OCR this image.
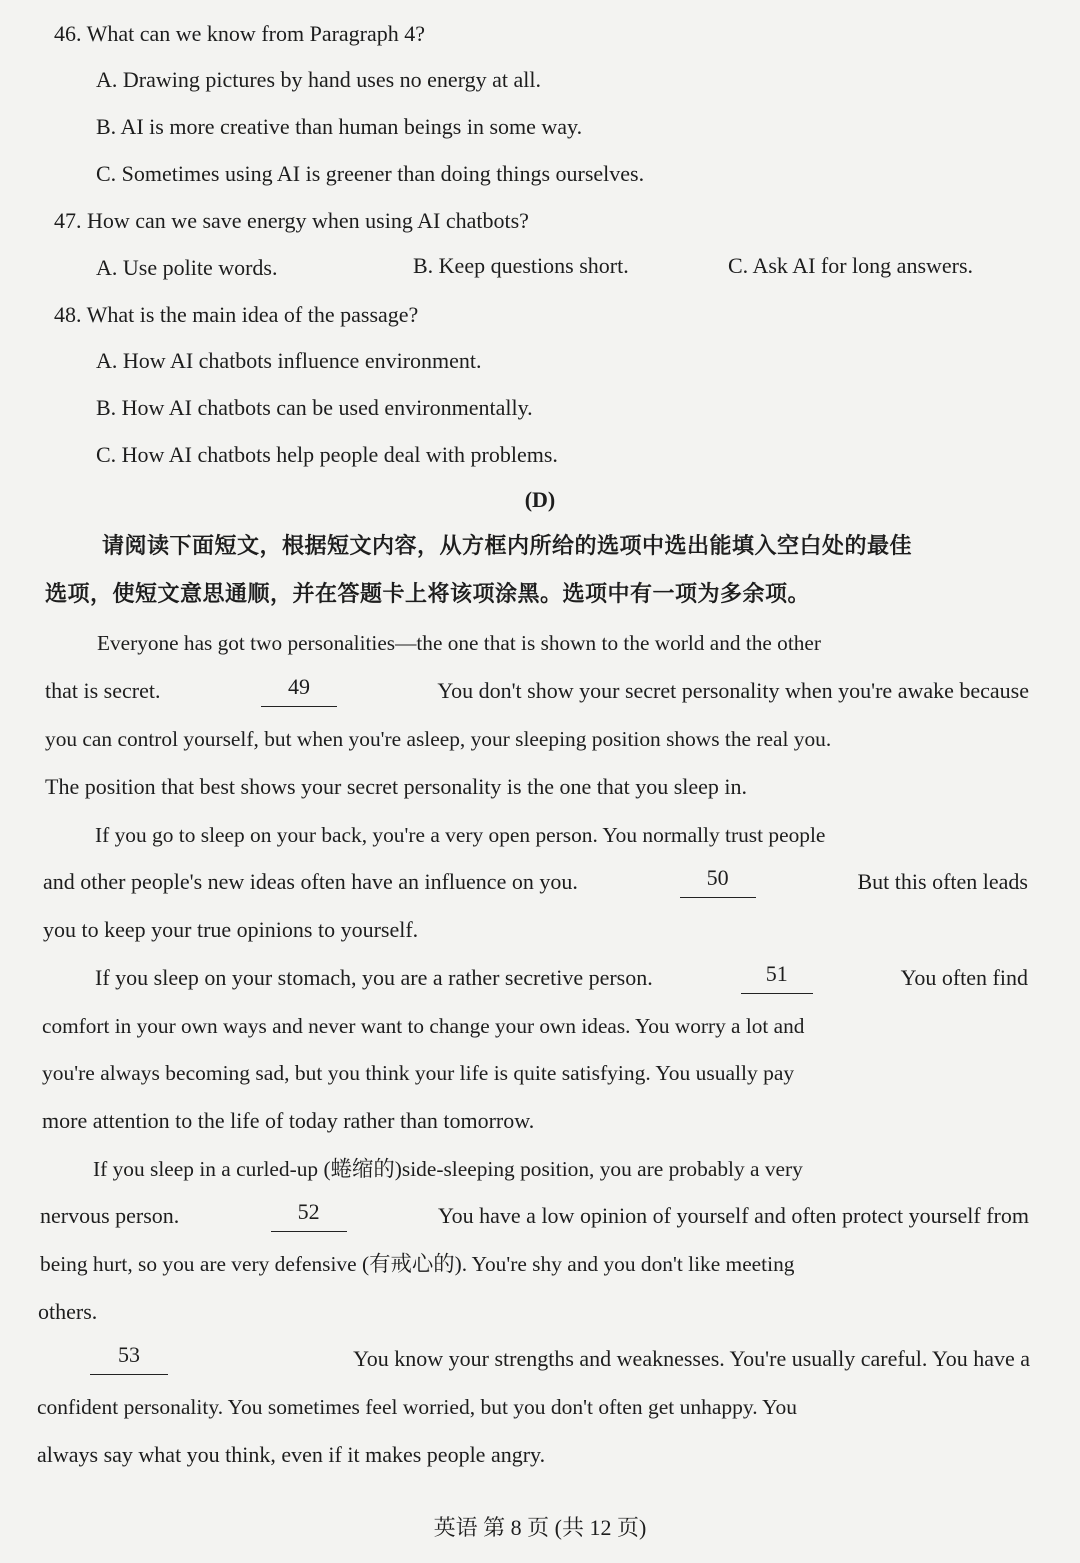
46. What can we know from Paragraph 4?
A. Drawing pictures by hand uses no energy at all.
B. AI is more creative than human beings in some way.
C. Sometimes using AI is greener than doing things ourselves.
47. How can we save energy when using AI chatbots?
A. Use polite words.	B. Keep questions short.	C. Ask AI for long answers.
48. What is the main idea of the passage?
A. How AI chatbots influence environment.
B. How AI chatbots can be used environmentally.
C. How AI chatbots help people deal with problems.
(D)
请阅读下面短文，根据短文内容，从方框内所给的选项中选出能填入空白处的最佳
选项，使短文意思通顺，并在答题卡上将该项涂黑。选项中有一项为多余项。
Everyone has got two personalities—the one that is shown to the world and the other
that is secret.	49	You don't show your secret personality when you're awake because
you can control yourself, but when you're asleep, your sleeping position shows the real you.
The position that best shows your secret personality is the one that you sleep in.
If you go to sleep on your back, you're a very open person. You normally trust people
and other people's new ideas often have an influence on you.	50	But this often leads
you to keep your true opinions to yourself.
If you sleep on your stomach, you are a rather secretive person.	51	You often find
comfort in your own ways and never want to change your own ideas. You worry a lot and
you're always becoming sad, but you think your life is quite satisfying. You usually pay
more attention to the life of today rather than tomorrow.
If you sleep in a curled-up (蜷缩的)side-sleeping position, you are probably a very
nervous person.	52	You have a low opinion of yourself and often protect yourself from
being hurt, so you are very defensive (有戒心的). You're shy and you don't like meeting
others.
53	You know your strengths and weaknesses. You're usually careful. You have a
confident personality. You sometimes feel worried, but you don't often get unhappy. You
always say what you think, even if it makes people angry.
英语 第 8 页 (共 12 页)
